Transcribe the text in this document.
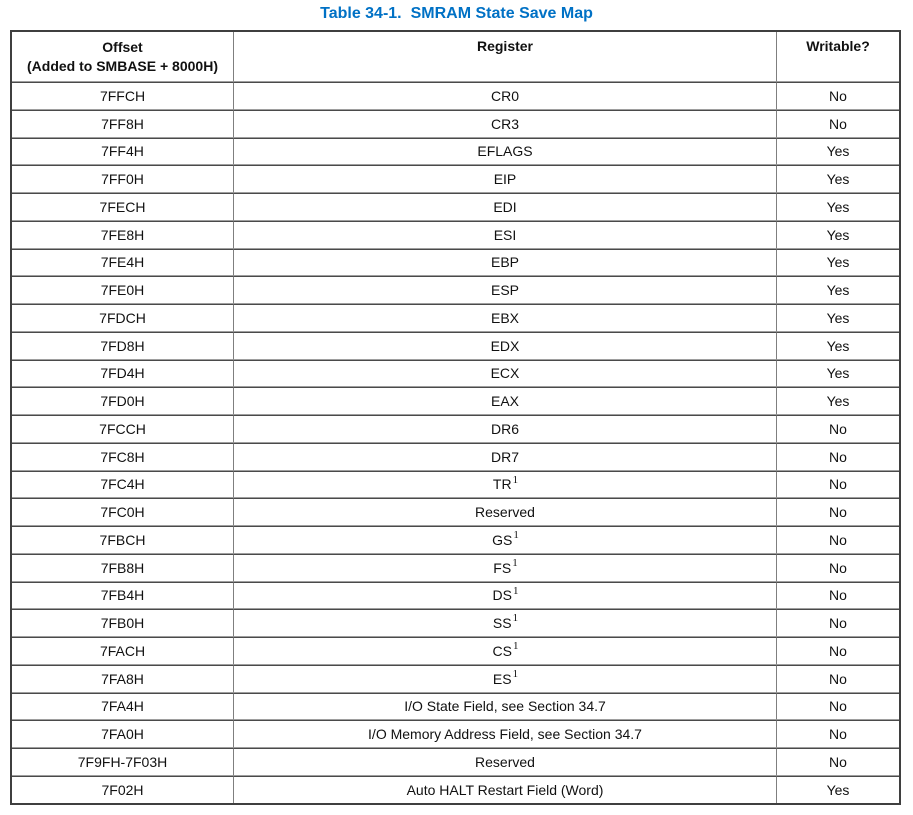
Table 34-1. SMRAM State Save Map
Offset
(Added to SMBASE + 8000H)	Register	Writable?
7FFCH	CR0	No
7FF8H	CR3	No
7FF4H	EFLAGS	Yes
7FF0H	EIP	Yes
7FECH	EDI	Yes
7FE8H	ESI	Yes
7FE4H	EBP	Yes
7FE0H	ESP	Yes
7FDCH	EBX	Yes
7FD8H	EDX	Yes
7FD4H	ECX	Yes
7FD0H	EAX	Yes
7FCCH	DR6	No
7FC8H	DR7	No
7FC4H	TR$^1$	No
7FC0H	Reserved	No
7FBCH	GS$^1$	No
7FB8H	FS$^1$	No
7FB4H	DS$^1$	No
7FB0H	SS$^1$	No
7FACH	CS$^1$	No
7FA8H	ES$^1$	No
7FA4H	I/O State Field, see Section 34.7	No
7FA0H	I/O Memory Address Field, see Section 34.7	No
7F9FH-7F03H	Reserved	No
7F02H	Auto HALT Restart Field (Word)	Yes
